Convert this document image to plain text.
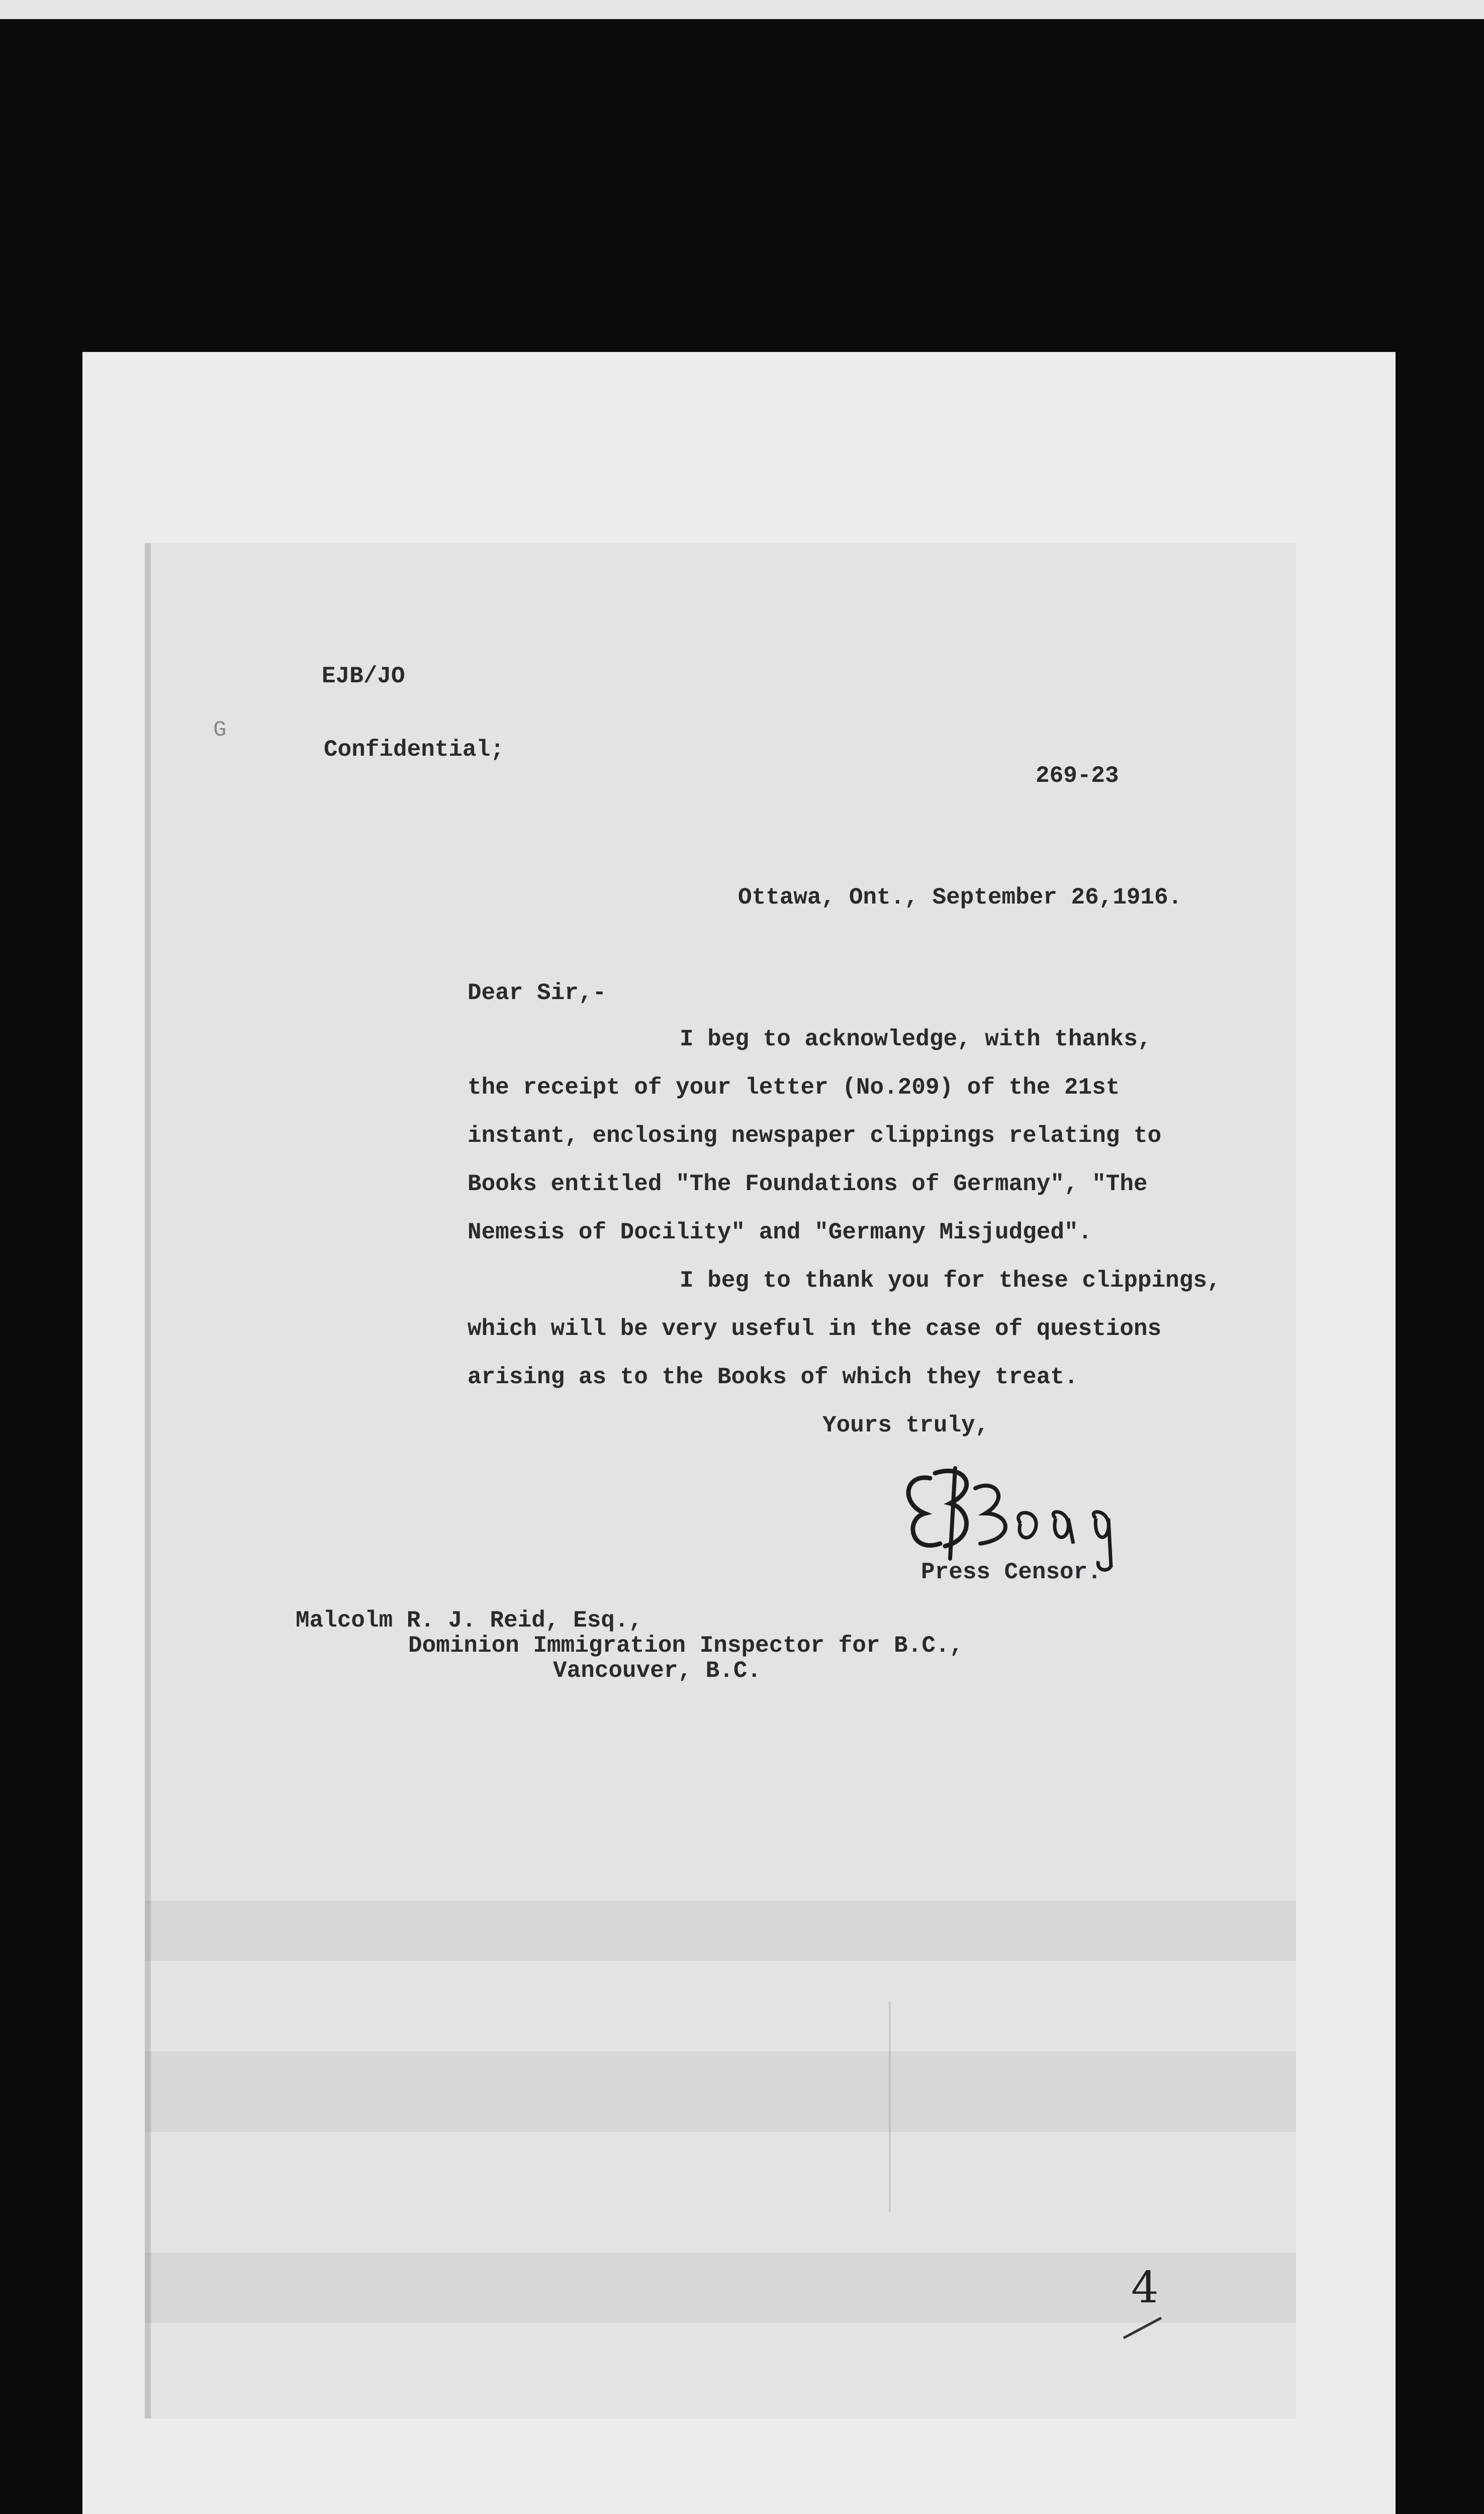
EJB/JO
G
Confidential;
269-23
Ottawa, Ont., September 26,1916.
Dear Sir,-
I beg to acknowledge, with thanks,
the receipt of your letter (No.209) of the 21st
instant, enclosing newspaper clippings relating to
Books entitled "The Foundations of Germany", "The
Nemesis of Docility" and "Germany Misjudged".
I beg to thank you for these clippings,
which will be very useful in the case of questions
arising as to the Books of which they treat.
Yours truly,
Press Censor.
Malcolm R. J. Reid, Esq.,
Dominion Immigration Inspector for B.C.,
Vancouver, B.C.
4
